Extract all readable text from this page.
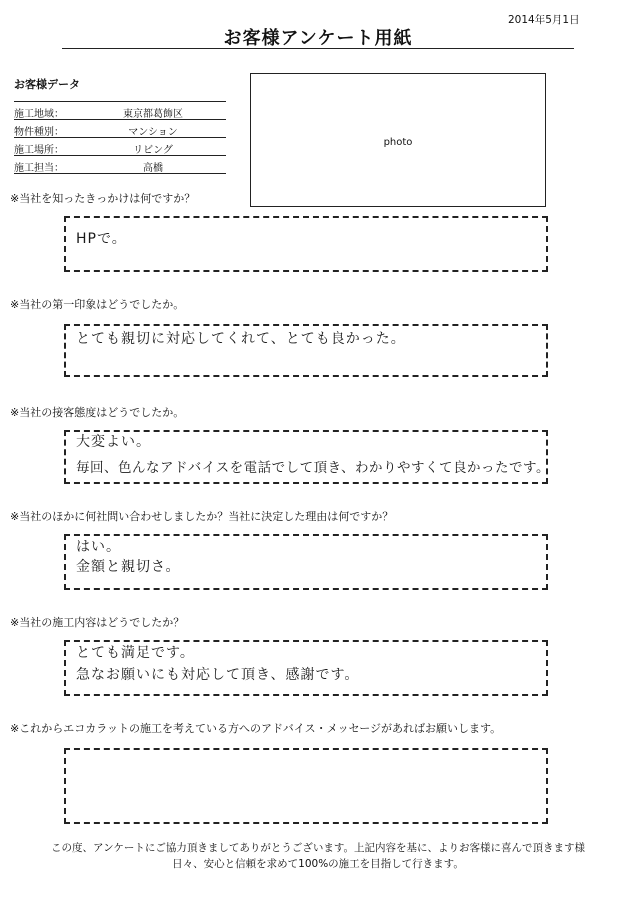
2014年5月1日
お客様アンケート用紙
お客様データ
施工地域：	東京都葛飾区
物件種別：	マンション
施工場所：	リビング
施工担当：	高橋
photo
※当社を知ったきっかけは何ですか？
HPで。
※当社の第一印象はどうでしたか。
とても親切に対応してくれて、とても良かった。
※当社の接客態度はどうでしたか。
大変よい。
毎回、色んなアドバイスを電話でして頂き、わかりやすくて良かったです。
※当社のほかに何社問い合わせしましたか？当社に決定した理由は何ですか？
はい。
金額と親切さ。
※当社の施工内容はどうでしたか？
とても満足です。
急なお願いにも対応して頂き、感謝です。
※これからエコカラットの施工を考えている方へのアドバイス・メッセージがあればお願いします。
この度、アンケートにご協力頂きましてありがとうございます。上記内容を基に、よりお客様に喜んで頂きます様
日々、安心と信頼を求めて100%の施工を目指して行きます。
